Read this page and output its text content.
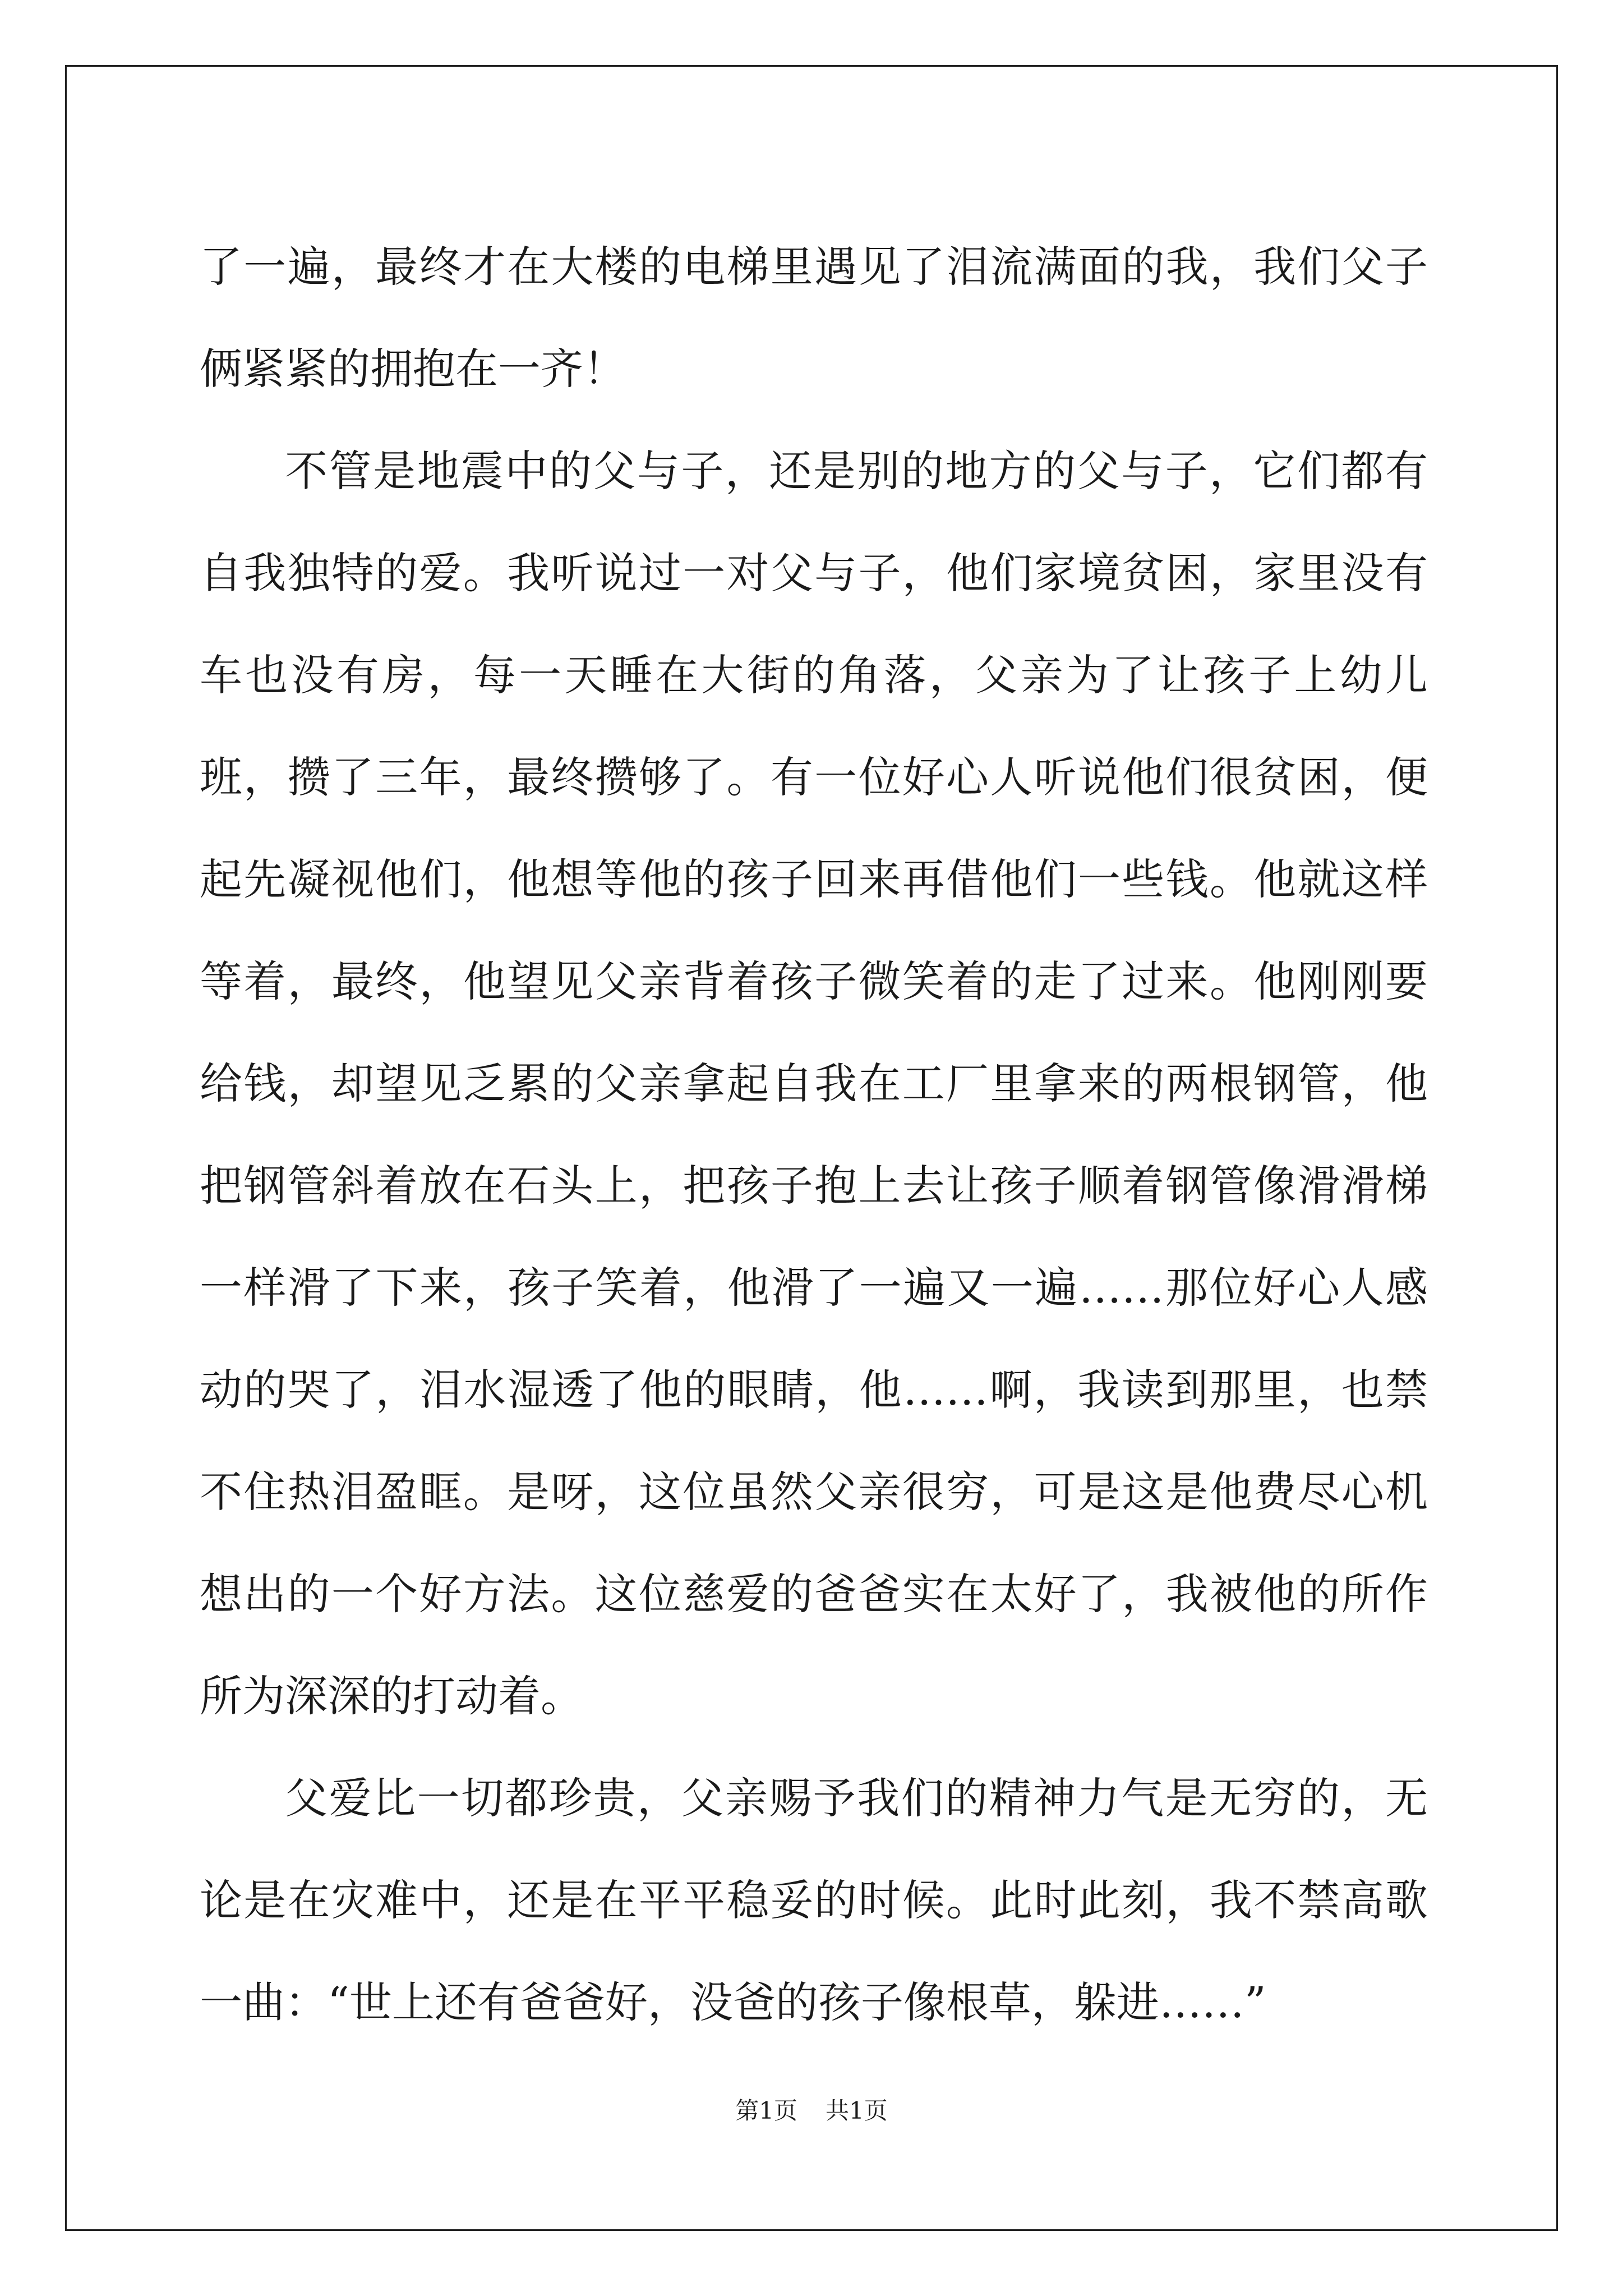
了一遍，最终才在大楼的电梯里遇见了泪流满面的我，我们父子俩紧紧的拥抱在一齐！

不管是地震中的父与子，还是别的地方的父与子，它们都有自我独特的爱。我听说过一对父与子，他们家境贫困，家里没有车也没有房，每一天睡在大街的角落，父亲为了让孩子上幼儿班，攒了三年，最终攒够了。有一位好心人听说他们很贫困，便起先凝视他们，他想等他的孩子回来再借他们一些钱。他就这样等着，最终，他望见父亲背着孩子微笑着的走了过来。他刚刚要给钱，却望见乏累的父亲拿起自我在工厂里拿来的两根钢管，他把钢管斜着放在石头上，把孩子抱上去让孩子顺着钢管像滑滑梯一样滑了下来，孩子笑着，他滑了一遍又一遍……那位好心人感动的哭了，泪水湿透了他的眼睛，他……啊，我读到那里，也禁不住热泪盈眶。是呀，这位虽然父亲很穷，可是这是他费尽心机想出的一个好方法。这位慈爱的爸爸实在太好了，我被他的所作所为深深的打动着。

父爱比一切都珍贵，父亲赐予我们的精神力气是无穷的，无论是在灾难中，还是在平平稳妥的时候。此时此刻，我不禁高歌一曲：“世上还有爸爸好，没爸的孩子像根草，躲进……”

第1页 共1页
